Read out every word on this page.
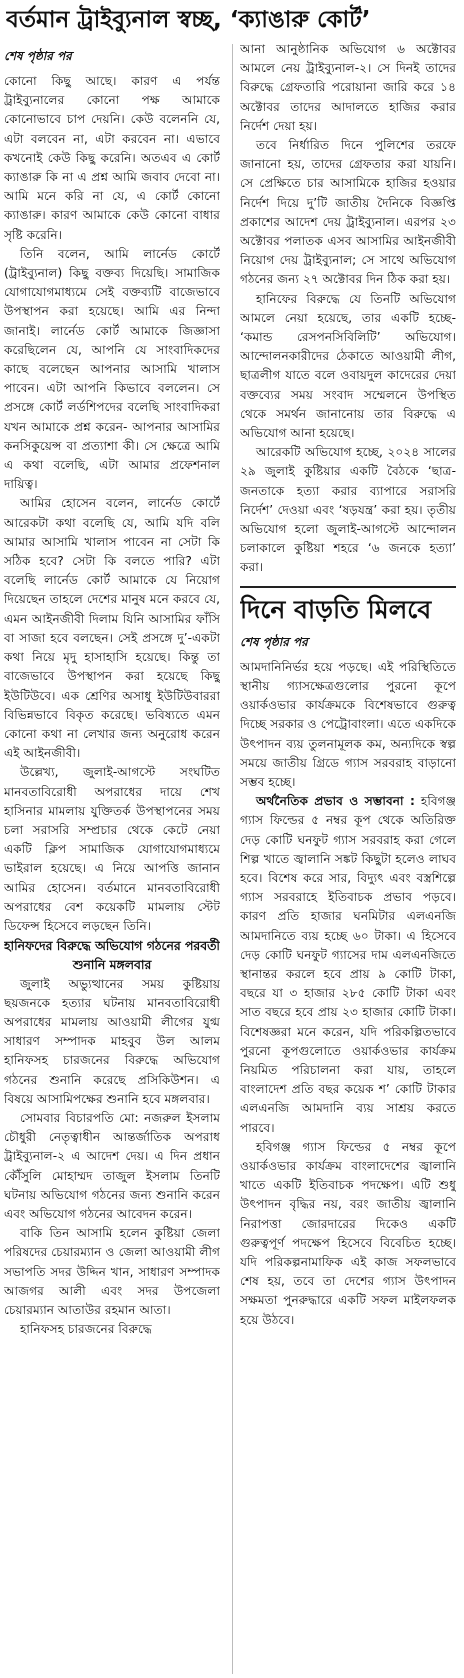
বর্তমান ট্রাইব্যুনাল স্বচ্ছ, ‘ক্যাঙারু কোর্ট’
শেষ পৃষ্ঠার পর

কোনো কিছু আছে। কারণ এ পর্যন্ত ট্রাইব্যুনালের কোনো পক্ষ আমাকে কোনোভাবে চাপ দেয়নি। কেউ বলেননি যে, এটা বলবেন না, এটা করবেন না। এভাবে কখনোই কেউ কিছু করেনি। অতএব এ কোর্ট ক্যাঙারু কি না এ প্রশ্ন আমি জবাব দেবো না। আমি মনে করি না যে, এ কোর্ট কোনো ক্যাঙারু। কারণ আমাকে কেউ কোনো বাধার সৃষ্টি করেনি।

তিনি বলেন, আমি লার্নেড কোর্টে (ট্রাইব্যুনাল) কিছু বক্তব্য দিয়েছি। সামাজিক যোগাযোগমাধ্যমে সেই বক্তব্যটি বাজেভাবে উপস্থাপন করা হয়েছে। আমি এর নিন্দা জানাই। লার্নেড কোর্ট আমাকে জিজ্ঞাসা করেছিলেন যে, আপনি যে সাংবাদিকদের কাছে বলেছেন আপনার আসামি খালাস পাবেন। এটা আপনি কিভাবে বললেন। সে প্রসঙ্গে কোর্ট লর্ডশিপদের বলেছি সাংবাদিকরা যখন আমাকে প্রশ্ন করেন- আপনার আসামির কনসিকুয়েন্স বা প্রত্যাশা কী। সে ক্ষেত্রে আমি এ কথা বলেছি, এটা আমার প্রফেশনাল দায়িত্ব।

আমির হোসেন বলেন, লার্নেড কোর্টে আরেকটা কথা বলেছি যে, আমি যদি বলি আমার আসামি খালাস পাবেন না সেটা কি সঠিক হবে? সেটা কি বলতে পারি? এটা বলেছি লার্নেড কোর্ট আমাকে যে নিয়োগ দিয়েছেন তাহলে দেশের মানুষ মনে করবে যে, এমন আইনজীবী দিলাম যিনি আসামির ফাঁসি বা সাজা হবে বলছেন। সেই প্রসঙ্গে দু’-একটা কথা নিয়ে মৃদু হাসাহাসি হয়েছে। কিন্তু তা বাজেভাবে উপস্থাপন করা হয়েছে কিছু ইউটিউবে। এক শ্রেণির অসাধু ইউটিউবাররা বিভিন্নভাবে বিকৃত করেছে। ভবিষ্যতে এমন কোনো কথা না লেখার জন্য অনুরোধ করেন এই আইনজীবী।

উল্লেখ্য, জুলাই-আগস্টে সংঘটিত মানবতাবিরোধী অপরাধের দায়ে শেখ হাসিনার মামলায় যুক্তিতর্ক উপস্থাপনের সময় চলা সরাসরি সম্প্রচার থেকে কেটে নেয়া একটি ক্লিপ সামাজিক যোগাযোগমাধ্যমে ভাইরাল হয়েছে। এ নিয়ে আপত্তি জানান আমির হোসেন। বর্তমানে মানবতাবিরোধী অপরাধের বেশ কয়েকটি মামলায় স্টেট ডিফেন্স হিসেবে লড়ছেন তিনি।

হানিফদের বিরুদ্ধে অভিযোগ গঠনের পরবর্তী শুনানি মঙ্গলবার

জুলাই অভ্যুত্থানের সময় কুষ্টিয়ায় ছয়জনকে হত্যার ঘটনায় মানবতাবিরোধী অপরাধের মামলায় আওয়ামী লীগের যুগ্ম সাধারণ সম্পাদক মাহবুব উল আলম হানিফসহ চারজনের বিরুদ্ধে অভিযোগ গঠনের শুনানি করেছে প্রসিকিউশন। এ বিষয়ে আসামিপক্ষের শুনানি হবে মঙ্গলবার।

সোমবার বিচারপতি মো: নজরুল ইসলাম চৌধুরী নেতৃত্বাধীন আন্তর্জাতিক অপরাধ ট্রাইব্যুনাল-২ এ আদেশ দেয়। এ দিন প্রধান কৌঁসুলি মোহাম্মদ তাজুল ইসলাম তিনটি ঘটনায় অভিযোগ গঠনের জন্য শুনানি করেন এবং অভিযোগ গঠনের আবেদন করেন।

বাকি তিন আসামি হলেন কুষ্টিয়া জেলা পরিষদের চেয়ারম্যান ও জেলা আওয়ামী লীগ সভাপতি সদর উদ্দিন খান, সাধারণ সম্পাদক আজগর আলী এবং সদর উপজেলা চেয়ারম্যান আতাউর রহমান আতা।

হানিফসহ চারজনের বিরুদ্ধে

আনা আনুষ্ঠানিক অভিযোগ ৬ অক্টোবর আমলে নেয় ট্রাইব্যুনাল-২। সে দিনই তাদের বিরুদ্ধে গ্রেফতারি পরোয়ানা জারি করে ১৪ অক্টোবর তাদের আদালতে হাজির করার নির্দেশ দেয়া হয়।

তবে নির্ধারিত দিনে পুলিশের তরফে জানানো হয়, তাদের গ্রেফতার করা যায়নি। সে প্রেক্ষিতে চার আসামিকে হাজির হওয়ার নির্দেশ দিয়ে দু’টি জাতীয় দৈনিকে বিজ্ঞপ্তি প্রকাশের আদেশ দেয় ট্রাইব্যুনাল। এরপর ২৩ অক্টোবর পলাতক এসব আসামির আইনজীবী নিয়োগ দেয় ট্রাইব্যুনাল; সে সাথে অভিযোগ গঠনের জন্য ২৭ অক্টোবর দিন ঠিক করা হয়।

হানিফের বিরুদ্ধে যে তিনটি অভিযোগ আমলে নেয়া হয়েছে, তার একটি হচ্ছে- ‘কমান্ড রেসপনসিবিলিটি’ অভিযোগ। আন্দোলনকারীদের ঠেকাতে আওয়ামী লীগ, ছাত্রলীগ যাতে বলে ওবায়দুল কাদেরের দেয়া বক্তব্যের সময় সংবাদ সম্মেলনে উপস্থিত থেকে সমর্থন জানানোয় তার বিরুদ্ধে এ অভিযোগ আনা হয়েছে।

আরেকটি অভিযোগ হচ্ছে, ২০২৪ সালের ২৯ জুলাই কুষ্টিয়ার একটি বৈঠকে ‘ছাত্র-জনতাকে হত্যা করার ব্যাপারে সরাসরি নির্দেশ’ দেওয়া এবং ‘ষড়যন্ত্র’ করা হয়। তৃতীয় অভিযোগ হলো জুলাই-আগস্টে আন্দোলন চলাকালে কুষ্টিয়া শহরে ‘৬ জনকে হত্যা’ করা।

দিনে বাড়তি মিলবে
শেষ পৃষ্ঠার পর

আমদানিনির্ভর হয়ে পড়ছে। এই পরিস্থিতিতে স্থানীয় গ্যাসক্ষেত্রগুলোর পুরনো কূপে ওয়ার্কওভার কার্যক্রমকে বিশেষভাবে গুরুত্ব দিচ্ছে সরকার ও পেট্রোবাংলা। এতে একদিকে উৎপাদন ব্যয় তুলনামূলক কম, অন্যদিকে স্বল্প সময়ে জাতীয় গ্রিডে গ্যাস সরবরাহ বাড়ানো সম্ভব হচ্ছে।

অর্থনৈতিক প্রভাব ও সম্ভাবনা : হবিগঞ্জ গ্যাস ফিল্ডের ৫ নম্বর কূপ থেকে অতিরিক্ত দেড় কোটি ঘনফুট গ্যাস সরবরাহ করা গেলে শিল্প খাতে জ্বালানি সঙ্কট কিছুটা হলেও লাঘব হবে। বিশেষ করে সার, বিদ্যুৎ এবং বস্ত্রশিল্পে গ্যাস সরবরাহে ইতিবাচক প্রভাব পড়বে। কারণ প্রতি হাজার ঘনমিটার এলএনজি আমদানিতে ব্যয় হচ্ছে ৬০ টাকা। এ হিসেবে দেড় কোটি ঘনফুট গ্যাসের দাম এলএনজিতে স্থানান্তর করলে হবে প্রায় ৯ কোটি টাকা, বছরে যা ৩ হাজার ২৮৫ কোটি টাকা এবং সাত বছরে হবে প্রায় ২৩ হাজার কোটি টাকা। বিশেষজ্ঞরা মনে করেন, যদি পরিকল্পিতভাবে পুরনো কূপগুলোতে ওয়ার্কওভার কার্যক্রম নিয়মিত পরিচালনা করা যায়, তাহলে বাংলাদেশ প্রতি বছর কয়েক শ’ কোটি টাকার এলএনজি আমদানি ব্যয় সাশ্রয় করতে পারবে।

হবিগঞ্জ গ্যাস ফিল্ডের ৫ নম্বর কূপে ওয়ার্কওভার কার্যক্রম বাংলাদেশের জ্বালানি খাতে একটি ইতিবাচক পদক্ষেপ। এটি শুধু উৎপাদন বৃদ্ধির নয়, বরং জাতীয় জ্বালানি নিরাপত্তা জোরদারের দিকেও একটি গুরুত্বপূর্ণ পদক্ষেপ হিসেবে বিবেচিত হচ্ছে। যদি পরিকল্পনামাফিক এই কাজ সফলভাবে শেষ হয়, তবে তা দেশের গ্যাস উৎপাদন সক্ষমতা পুনরুদ্ধারে একটি সফল মাইলফলক হয়ে উঠবে।
